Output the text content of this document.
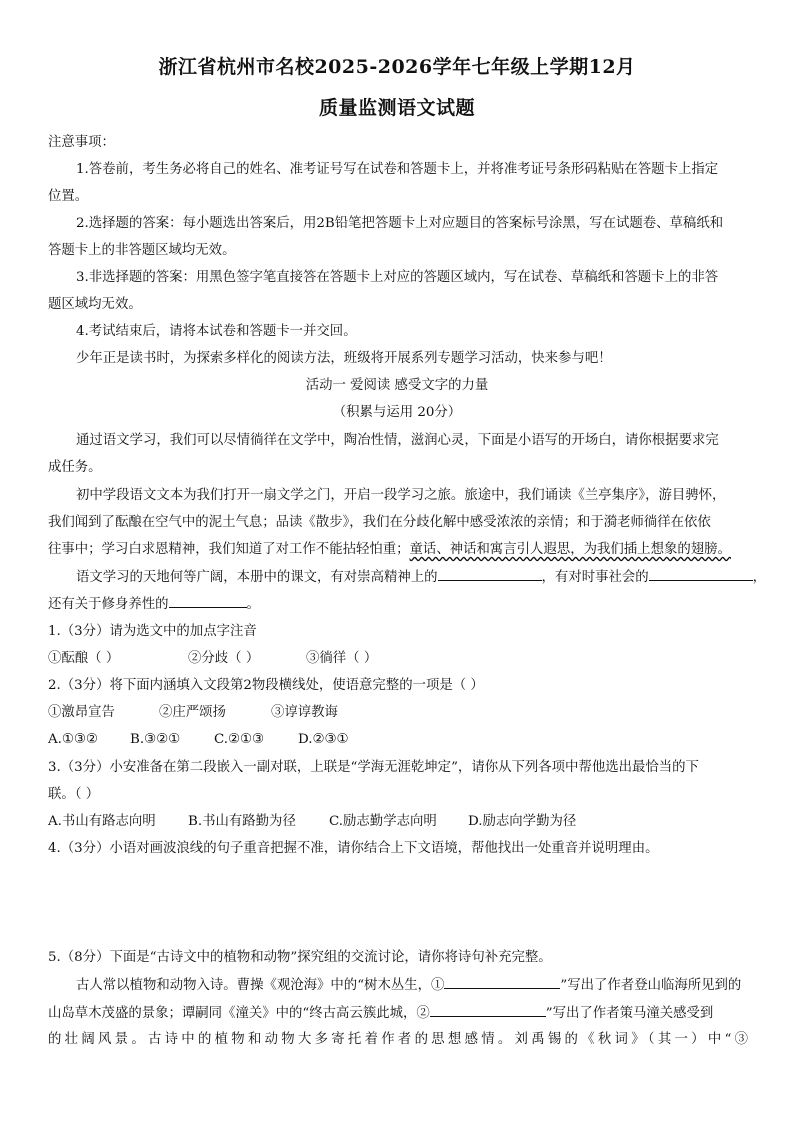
浙江省杭州市名校2025-2026学年七年级上学期12月
质量监测语文试题
注意事项：
1.答卷前，考生务必将自己的姓名、准考证号写在试卷和答题卡上，并将准考证号条形码粘贴在答题卡上指定
位置。
2.选择题的答案：每小题选出答案后，用2B铅笔把答题卡上对应题目的答案标号涂黑，写在试题卷、草稿纸和
答题卡上的非答题区域均无效。
3.非选择题的答案：用黑色签字笔直接答在答题卡上对应的答题区域内，写在试卷、草稿纸和答题卡上的非答
题区域均无效。
4.考试结束后，请将本试卷和答题卡一并交回。
少年正是读书时，为探索多样化的阅读方法，班级将开展系列专题学习活动，快来参与吧！
活动一 爱阅读 感受文字的力量
（积累与运用 20分）
通过语文学习，我们可以尽情徜徉在文学中，陶冶性情，滋润心灵，下面是小语写的开场白，请你根据要求完
成任务。
初中学段语文文本为我们打开一扇文学之门，开启一段学习之旅。旅途中，我们诵读《兰亭集序》，游目骋怀，
我们闻到了酝酿在空气中的泥土气息；品读《散步》，我们在分歧化解中感受浓浓的亲情；和于漪老师徜徉在依依
往事中；学习白求恩精神，我们知道了对工作不能拈轻怕重；童话、神话和寓言引人遐思，为我们插上想象的翅膀。
语文学习的天地何等广阔，本册中的课文，有对崇高精神上的	，有对时事社会的	，
还有关于修身养性的	。
1.（3分）请为选文中的加点字注音
①酝酿（ ）	②分歧（ ）	③徜徉（ ）
2.（3分）将下面内涵填入文段第2物段横线处，使语意完整的一项是（ ）
①激昂宣告	②庄严颂扬	③谆谆教诲
A.①③② B.③②①	C.②①③	D.②③①
3.（3分）小安准备在第二段嵌入一副对联，上联是“学海无涯乾坤定”，请你从下列各项中帮他选出最恰当的下
联。（ ）
A.书山有路志向明 B.书山有路勤为径 C.励志勤学志向明 D.励志向学勤为径
4.（3分）小语对画波浪线的句子重音把握不准，请你结合上下文语境，帮他找出一处重音并说明理由。
5.（8分）下面是“古诗文中的植物和动物”探究组的交流讨论，请你将诗句补充完整。
古人常以植物和动物入诗。曹操《观沧海》中的“树木丛生，①	”写出了作者登山临海所见到的
山岛草木茂盛的景象；谭嗣同《潼关》中的“终古高云簇此城，②	”写出了作者策马潼关感受到
的壮阔风景。古诗中的植物和动物大多寄托着作者的思想感情。刘禹锡的《秋词》（其一）中“③
